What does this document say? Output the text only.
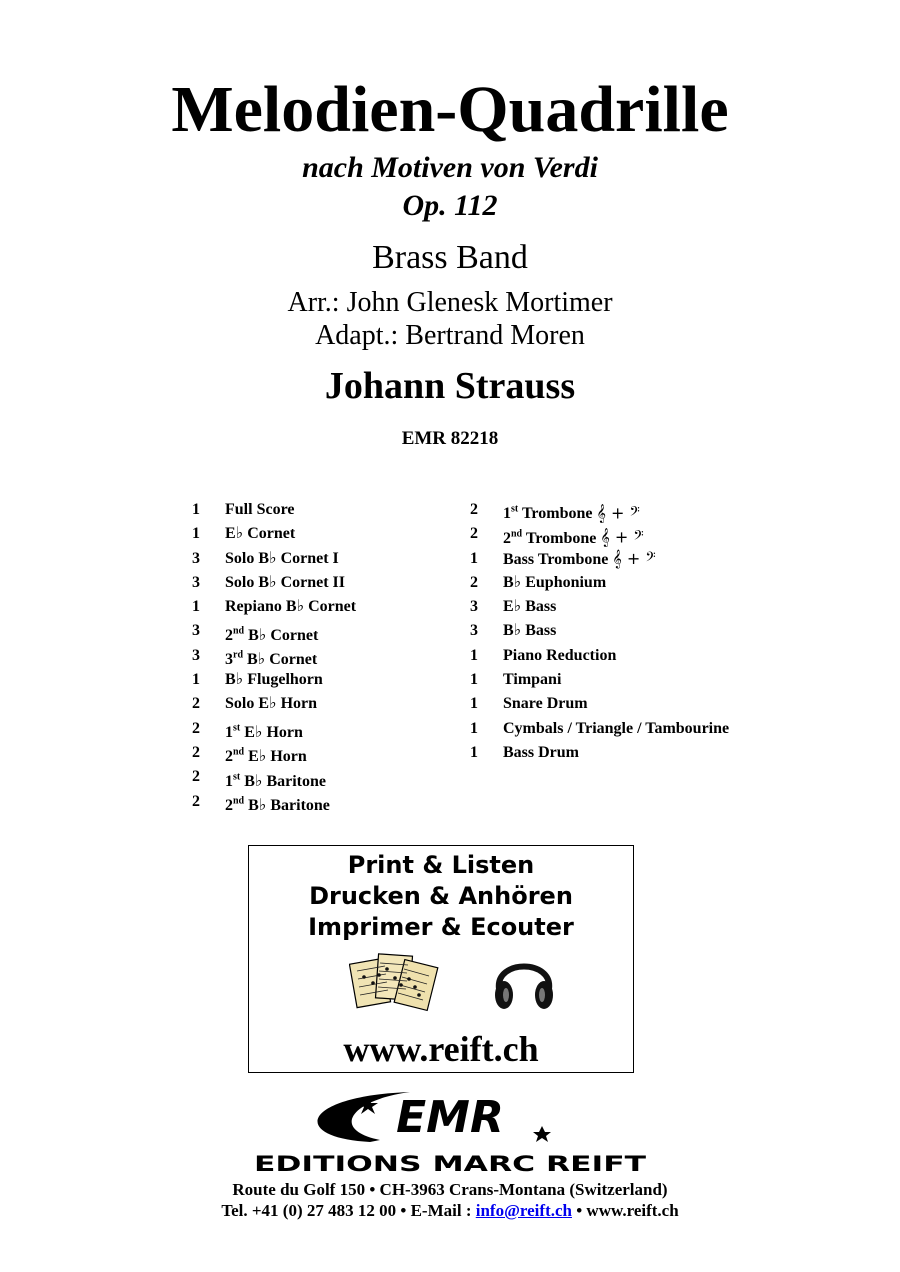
Melodien-Quadrille
nach Motiven von Verdi
Op. 112
Brass Band
Arr.: John Glenesk Mortimer
Adapt.: Bertrand Moren
Johann Strauss
EMR 82218
1 Full Score
1 E♭ Cornet
3 Solo B♭ Cornet I
3 Solo B♭ Cornet II
1 Repiano B♭ Cornet
3 2nd B♭ Cornet
3 3rd B♭ Cornet
1 B♭ Flugelhorn
2 Solo E♭ Horn
2 1st E♭ Horn
2 2nd E♭ Horn
2 1st B♭ Baritone
2 2nd B♭ Baritone
2 1st Trombone 𝄞 + 𝄢
2 2nd Trombone 𝄞 + 𝄢
1 Bass Trombone 𝄞 + 𝄢
2 B♭ Euphonium
3 E♭ Bass
3 B♭ Bass
1 Piano Reduction
1 Timpani
1 Snare Drum
1 Cymbals / Triangle / Tambourine
1 Bass Drum
Print & Listen
Drucken & Anhören
Imprimer & Ecouter
www.reift.ch
EMR
EDITIONS MARC REIFT
Route du Golf 150 • CH-3963 Crans-Montana (Switzerland)
Tel. +41 (0) 27 483 12 00 • E-Mail : info@reift.ch • www.reift.ch
